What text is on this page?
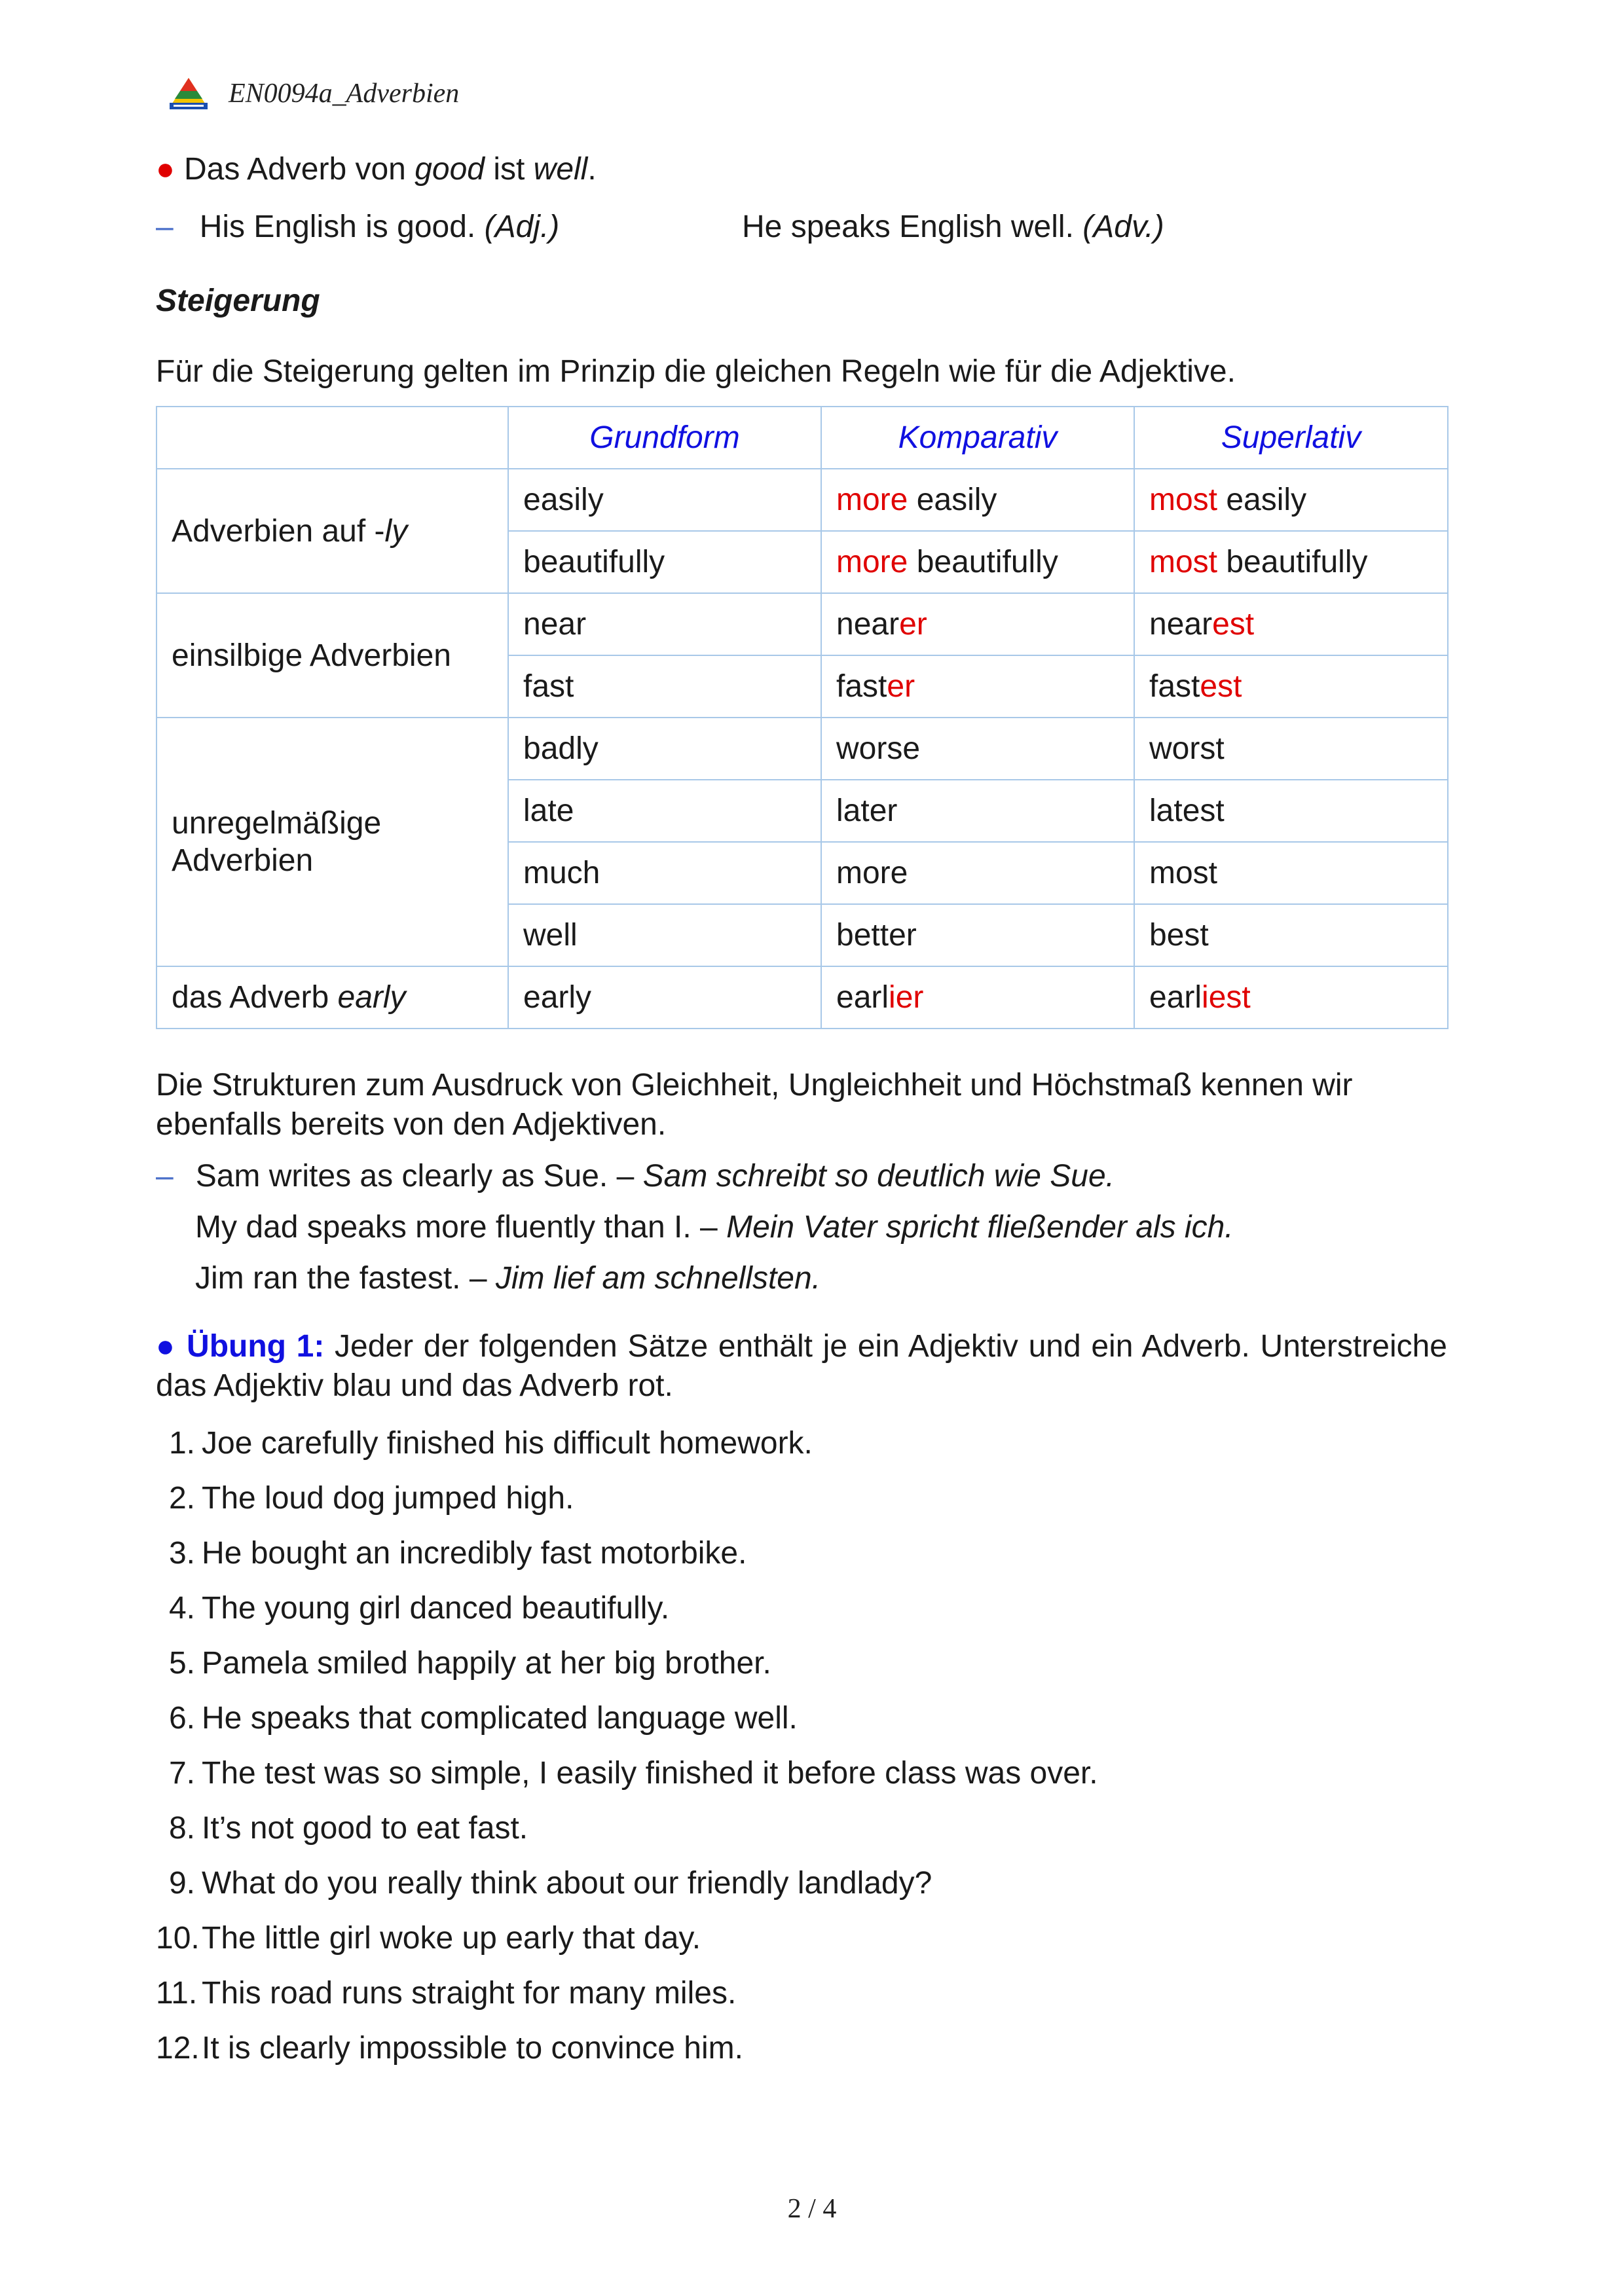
EN0094a_Adverbien

● Das Adverb von good ist well.

– His English is good. (Adj.)	He speaks English well. (Adv.)
Steigerung

Für die Steigerung gelten im Prinzip die gleichen Regeln wie für die Adjektive.

	Grundform	Komparativ	Superlativ
Adverbien auf -ly	easily	more easily	most easily
	beautifully	more beautifully	most beautifully
einsilbige Adverbien	near	nearer	nearest
	fast	faster	fastest
unregelmäßige
Adverbien	badly	worse	worst
	late	later	latest
	much	more	most
	well	better	best
das Adverb early	early	earlier	earliest

Die Strukturen zum Ausdruck von Gleichheit, Ungleichheit und Höchstmaß kennen wir ebenfalls bereits von den Adjektiven.

– Sam writes as clearly as Sue. – Sam schreibt so deutlich wie Sue.
My dad speaks more fluently than I. – Mein Vater spricht fließender als ich.
Jim ran the fastest. – Jim lief am schnellsten.

● Übung 1: Jeder der folgenden Sätze enthält je ein Adjektiv und ein Adverb. Unterstreiche das Adjektiv blau und das Adverb rot.

1. Joe carefully finished his difficult homework.
2. The loud dog jumped high.
3. He bought an incredibly fast motorbike.
4. The young girl danced beautifully.
5. Pamela smiled happily at her big brother.
6. He speaks that complicated language well.
7. The test was so simple, I easily finished it before class was over.
8. It’s not good to eat fast.
9. What do you really think about our friendly landlady?
10. The little girl woke up early that day.
11. This road runs straight for many miles.
12. It is clearly impossible to convince him.
2 / 4
